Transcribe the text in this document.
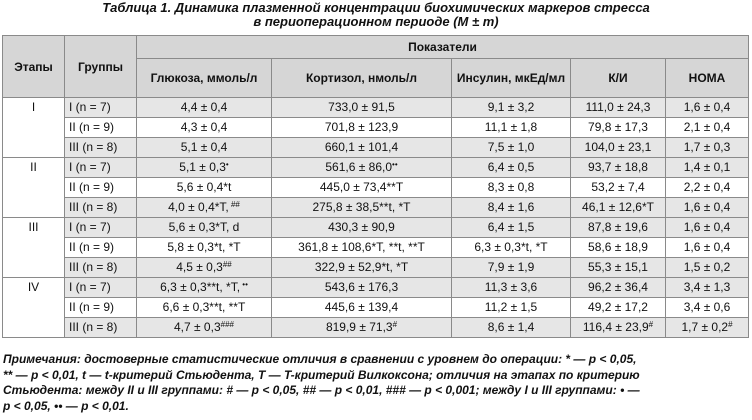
Таблица 1. Динамика плазменной концентрации биохимических маркеров стресса
в периоперационном периоде (M ± m)
Этапы	Группы	Показатели				
		Глюкоза, ммоль/л	Кортизол, нмоль/л	Инсулин, мкЕд/мл	К/И	HOMA
I	I (n = 7)	4,4 ± 0,4	733,0 ± 91,5	9,1 ± 3,2	111,0 ± 24,3	1,6 ± 0,4
	II (n = 9)	4,3 ± 0,4	701,8 ± 123,9	11,1 ± 1,8	79,8 ± 17,3	2,1 ± 0,4
	III (n = 8)	5,1 ± 0,4	660,1 ± 101,4	7,5 ± 1,0	104,0 ± 23,1	1,7 ± 0,3
II	I (n = 7)	5,1 ± 0,3•	561,6 ± 86,0••	6,4 ± 0,5	93,7 ± 18,8	1,4 ± 0,1
	II (n = 9)	5,6 ± 0,4*t	445,0 ± 73,4**T	8,3 ± 0,8	53,2 ± 7,4	2,2 ± 0,4
	III (n = 8)	4,0 ± 0,4*T, ##	275,8 ± 38,5**t, *T	8,4 ± 1,6	46,1 ± 12,6*T	1,6 ± 0,4
III	I (n = 7)	5,6 ± 0,3*T, d	430,3 ± 90,9	6,4 ± 1,5	87,8 ± 19,6	1,6 ± 0,4
	II (n = 9)	5,8 ± 0,3*t, *T	361,8 ± 108,6*T, **t, **T	6,3 ± 0,3*t, *T	58,6 ± 18,9	1,6 ± 0,4
	III (n = 8)	4,5 ± 0,3##	322,9 ± 52,9*t, *T	7,9 ± 1,9	55,3 ± 15,1	1,5 ± 0,2
IV	I (n = 7)	6,3 ± 0,3**t, *T, ••	543,6 ± 176,3	11,3 ± 3,6	96,2 ± 36,4	3,4 ± 1,3
	II (n = 9)	6,6 ± 0,3**t, **T	445,6 ± 139,4	11,2 ± 1,5	49,2 ± 17,2	3,4 ± 0,6
	III (n = 8)	4,7 ± 0,3###	819,9 ± 71,3#	8,6 ± 1,4	116,4 ± 23,9#	1,7 ± 0,2#
Примечания: достоверные статистические отличия в сравнении с уровнем до операции: * — p < 0,05,
** — p < 0,01, t — t-критерий Стьюдента, T — T-критерий Вилкоксона; отличия на этапах по критерию
Стьюдента: между II и III группами: # — p < 0,05, ## — p < 0,01, ### — p < 0,001; между I и III группами: • —
p < 0,05, •• — p < 0,01.
